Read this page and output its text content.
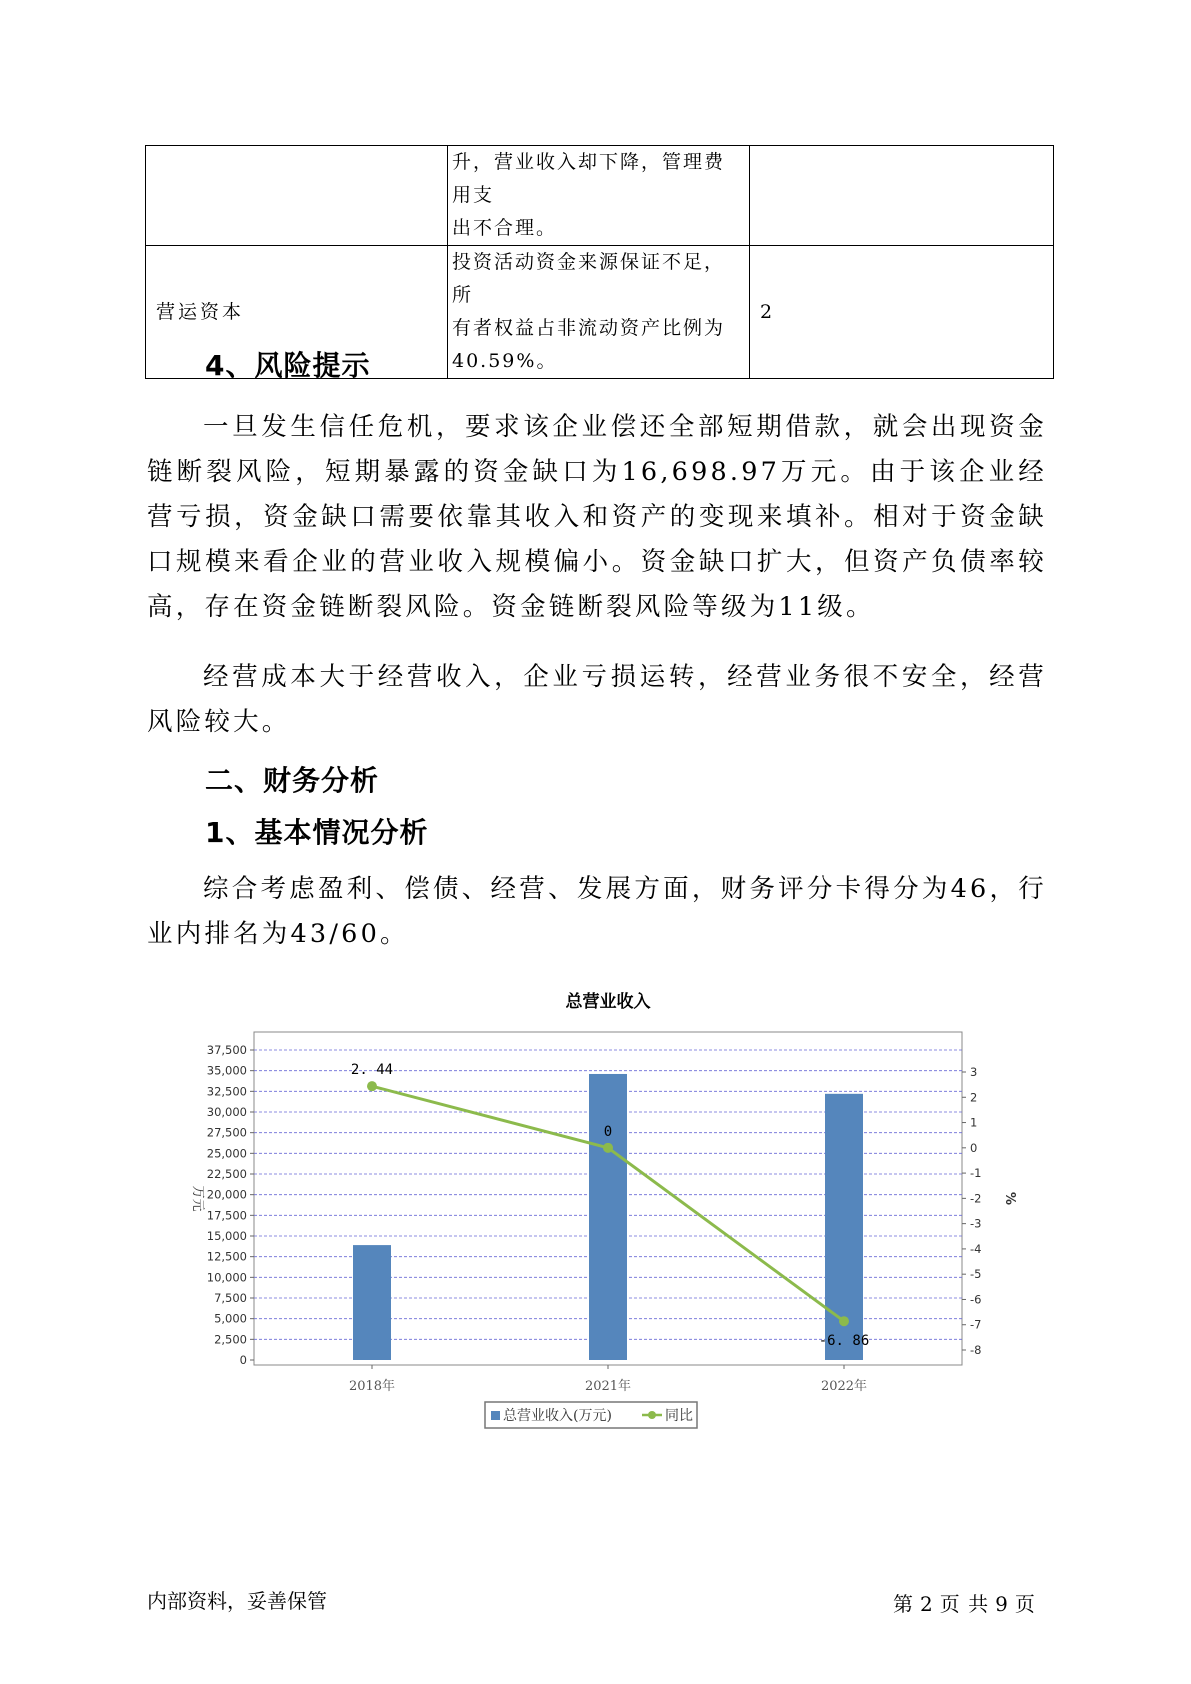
	升，营业收入却下降，管理费用支
出不合理。	
营运资本	投资活动资金来源保证不足，所
有者权益占非流动资产比例为
40.59%。	2
4、风险提示

一旦发生信任危机，要求该企业偿还全部短期借款，就会出现资金链断裂风险，短期暴露的资金缺口为16,698.97万元。由于该企业经营亏损，资金缺口需要依靠其收入和资产的变现来填补。相对于资金缺口规模来看企业的营业收入规模偏小。资金缺口扩大，但资产负债率较高，存在资金链断裂风险。资金链断裂风险等级为11级。

经营成本大于经营收入，企业亏损运转，经营业务很不安全，经营风险较大。

二、财务分析
1、基本情况分析

综合考虑盈利、偿债、经营、发展方面，财务评分卡得分为46，行业内排名为43/60。

总营业收入
0
2,500
5,000
7,500
10,000
12,500
15,000
17,500
20,000
22,500
25,000
27,500
30,000
32,500
35,000
37,500
-8
-7
-6
-5
-4
-3
-2
-1
0
1
2
3
万元	%
2018年	2021年	2022年
2. 44
0
-6. 86
总营业收入(万元)	同比
内部资料，妥善保管	第 2 页 共 9 页
